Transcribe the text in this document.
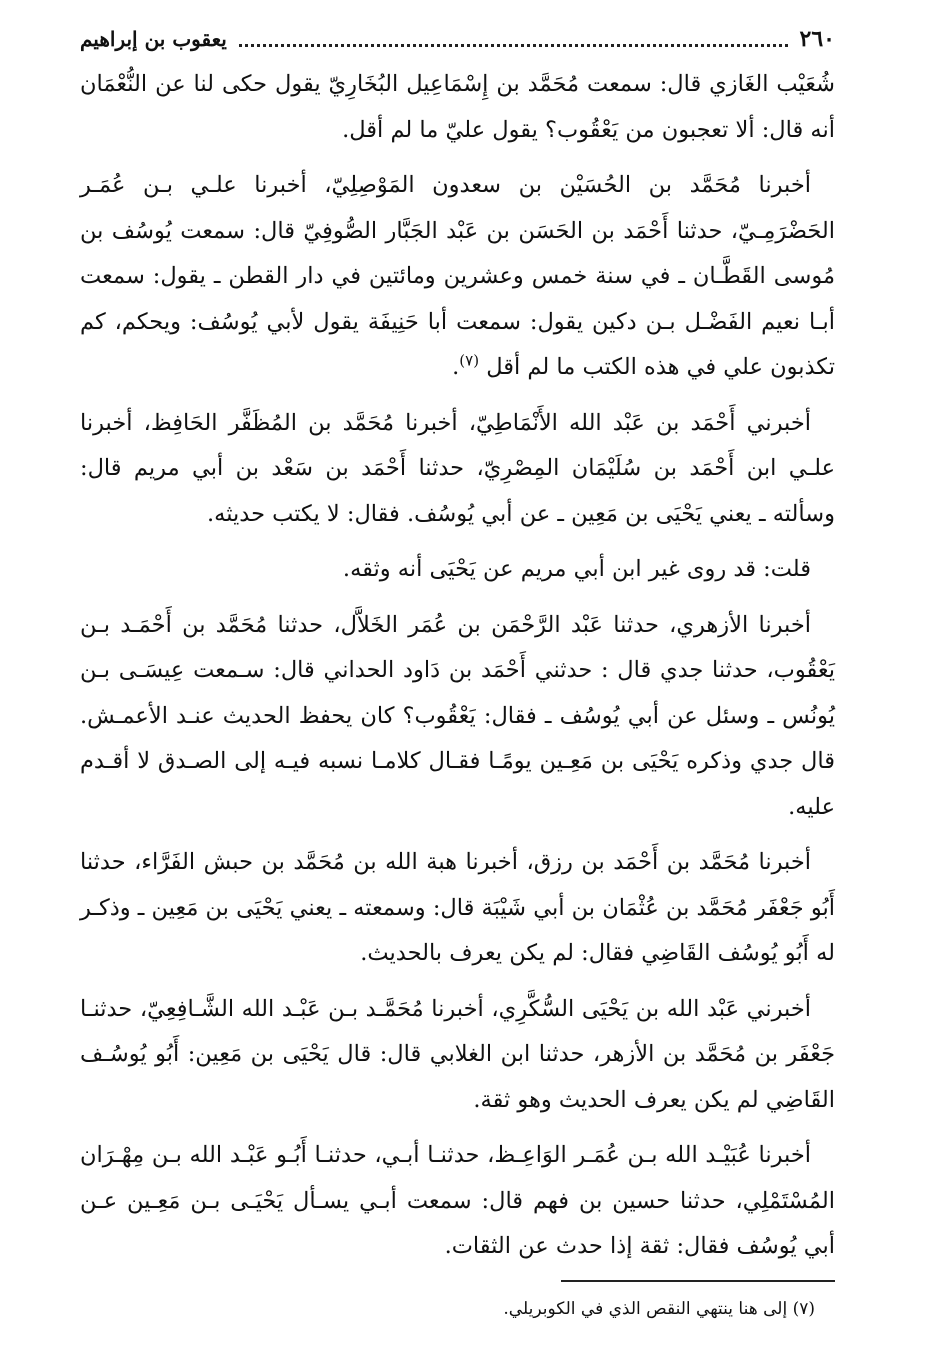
٢٦٠
يعقوب بن إبراهيم

شُعَيْب الغَازي قال: سمعت مُحَمَّد بن إِسْمَاعِيل البُخَارِيّ يقول حكى لنا عن النُّعْمَان أنه قال: ألا تعجبون من يَعْقُوب؟ يقول عليّ ما لم أقل.

أخبرنا مُحَمَّد بن الحُسَيْن بن سعدون المَوْصِلِيّ، أخبرنا علـي بـن عُمَـر الحَضْرَمِـيّ، حدثنا أَحْمَد بن الحَسَن بن عَبْد الجَبَّار الصُّوفِيّ قال: سمعت يُوسُف بن مُوسى القَطَّـان ـ في سنة خمس وعشرين ومائتين في دار القطن ـ يقول: سمعت أبـا نعيم الفَضْـل بـن دكين يقول: سمعت أبا حَنِيفَة يقول لأبي يُوسُف: ويحكم، كم تكذبون علي في هذه الكتب ما لم أقل $^{(٧)}$.

أخبرني أَحْمَد بن عَبْد الله الأَنْمَاطِيّ، أخبرنا مُحَمَّد بن المُظَفَّر الحَافِظ، أخبرنا علـي ابن أَحْمَد بن سُلَيْمَان المِصْرِيّ، حدثنا أَحْمَد بن سَعْد بن أبي مريم قال: وسألته ـ يعني يَحْيَى بن مَعِين ـ عن أبي يُوسُف. فقال: لا يكتب حديثه.

قلت: قد روى غير ابن أبي مريم عن يَحْيَى أنه وثقه.

أخبرنا الأزهري، حدثنا عَبْد الرَّحْمَن بن عُمَر الخَلاَّل، حدثنا مُحَمَّد بن أَحْمَـد بـن يَعْقُوب، حدثنا جدي قال : حدثني أَحْمَد بن دَاود الحداني قال: سـمعت عِيسَـى بـن يُونُس ـ وسئل عن أبي يُوسُف ـ فقال: يَعْقُوب؟ كان يحفظ الحديث عنـد الأعمـش. قال جدي وذكره يَحْيَى بن مَعِـين يومًـا فقـال كلامـا نسبه فيـه إلى الصـدق لا أقـدم عليه.

أخبرنا مُحَمَّد بن أَحْمَد بن رزق، أخبرنا هبة الله بن مُحَمَّد بن حبش الفَرَّاء، حدثنا أَبُو جَعْفَر مُحَمَّد بن عُثْمَان بن أبي شَيْبَة قال: وسمعته ـ يعني يَحْيَى بن مَعِين ـ وذكـر له أَبُو يُوسُف القَاضِي فقال: لم يكن يعرف بالحديث.

أخبرني عَبْد الله بن يَحْيَى السُّكَّرِي، أخبرنا مُحَمَّـد بـن عَبْـد الله الشَّـافِعِيّ، حدثنـا جَعْفَر بن مُحَمَّد بن الأزهر، حدثنا ابن الغلابي قال: قال يَحْيَى بن مَعِين: أَبُو يُوسُـف القَاضِي لم يكن يعرف الحديث وهو ثقة.

أخبرنا عُبَيْـد الله بـن عُمَـر الوَاعِـظ، حدثنـا أبـي، حدثنـا أَبُـو عَبْـد الله بـن مِهْـرَان المُسْتَمْلِي، حدثنا حسين بن فهم قال: سمعت أبـي يسـأل يَحْيَـى بـن مَعِـين عـن أبي يُوسُف فقال: ثقة إذا حدث عن الثقات.

(٧) إلى هنا ينتهي النقص الذي في الكوبريلي.
